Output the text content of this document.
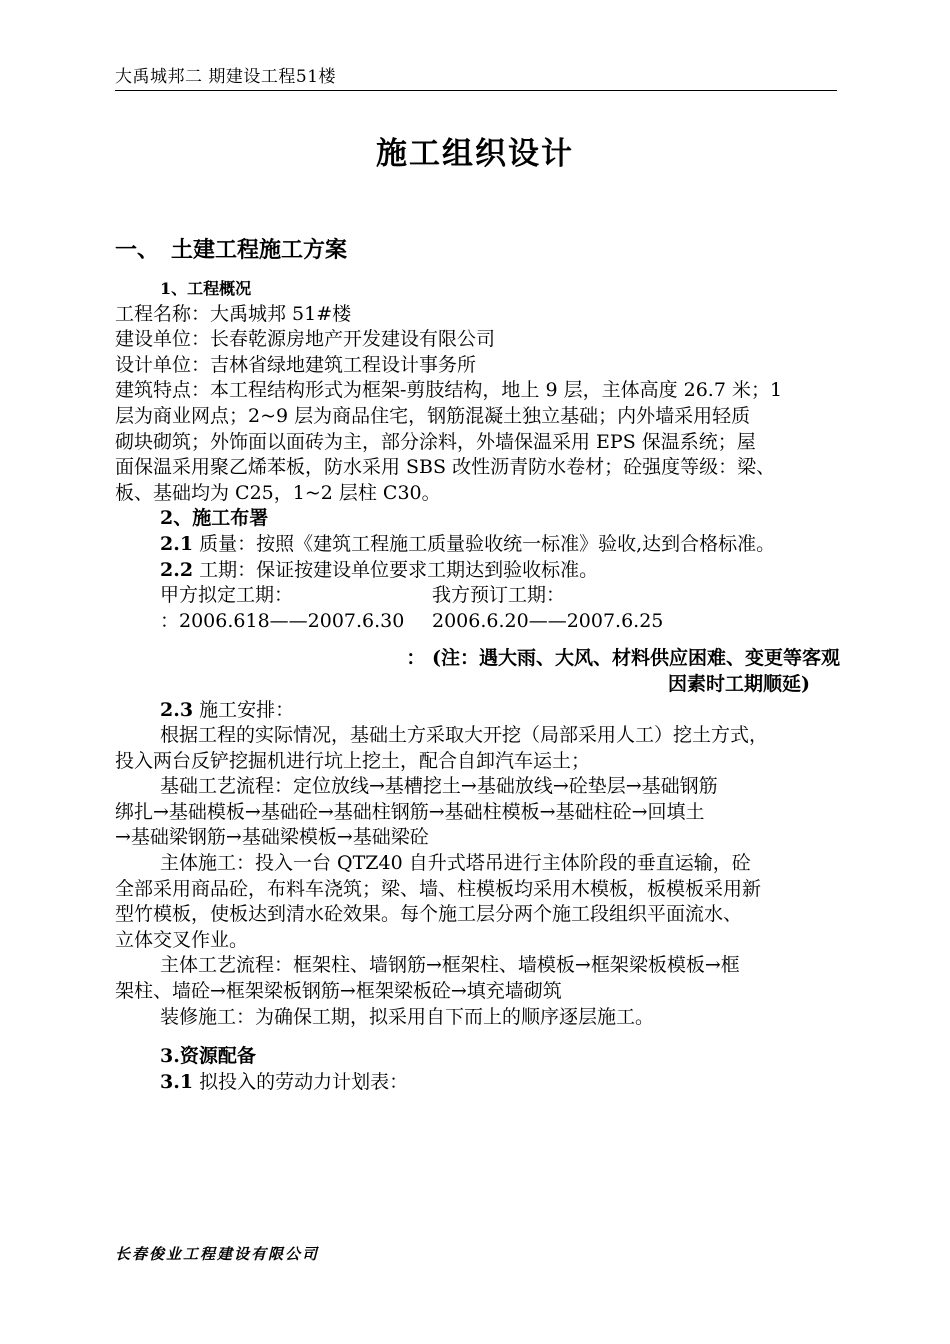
大禹城邦二 期建设工程51楼
施工组织设计
一、 土建工程施工方案

1、工程概况

工程名称：大禹城邦 51#楼

建设单位：长春乾源房地产开发建设有限公司

设计单位：吉林省绿地建筑工程设计事务所

建筑特点：本工程结构形式为框架-剪肢结构，地上 9 层，主体高度 26.7 米；1

层为商业网点；2~9 层为商品住宅，钢筋混凝土独立基础；内外墙采用轻质

砌块砌筑；外饰面以面砖为主，部分涂料，外墙保温采用 EPS 保温系统；屋

面保温采用聚乙烯苯板，防水采用 SBS 改性沥青防水卷材；砼强度等级：梁、

板、基础均为 C25，1~2 层柱 C30。

2、施工布署

2.1 质量：按照《建筑工程施工质量验收统一标准》验收,达到合格标准。

2.2 工期：保证按建设单位要求工期达到验收标准。

甲方拟定工期：	我方预订工期：
：2006.618——2007.6.30	2006.6.20——2007.6.25

： (注：遇大雨、大风、材料供应困难、变更等客观

因素时工期顺延)

2.3 施工安排：

根据工程的实际情况，基础土方采取大开挖（局部采用人工）挖土方式，

投入两台反铲挖掘机进行坑上挖土，配合自卸汽车运土；

基础工艺流程：定位放线→基槽挖土→基础放线→砼垫层→基础钢筋

绑扎→基础模板→基础砼→基础柱钢筋→基础柱模板→基础柱砼→回填土

→基础梁钢筋→基础梁模板→基础梁砼

主体施工：投入一台 QTZ40 自升式塔吊进行主体阶段的垂直运输，砼

全部采用商品砼，布料车浇筑；梁、墙、柱模板均采用木模板，板模板采用新

型竹模板，使板达到清水砼效果。每个施工层分两个施工段组织平面流水、

立体交叉作业。

主体工艺流程：框架柱、墙钢筋→框架柱、墙模板→框架梁板模板→框

架柱、墙砼→框架梁板钢筋→框架梁板砼→填充墙砌筑

装修施工：为确保工期，拟采用自下而上的顺序逐层施工。

3.资源配备

3.1 拟投入的劳动力计划表：

长春俊业工程建设有限公司
